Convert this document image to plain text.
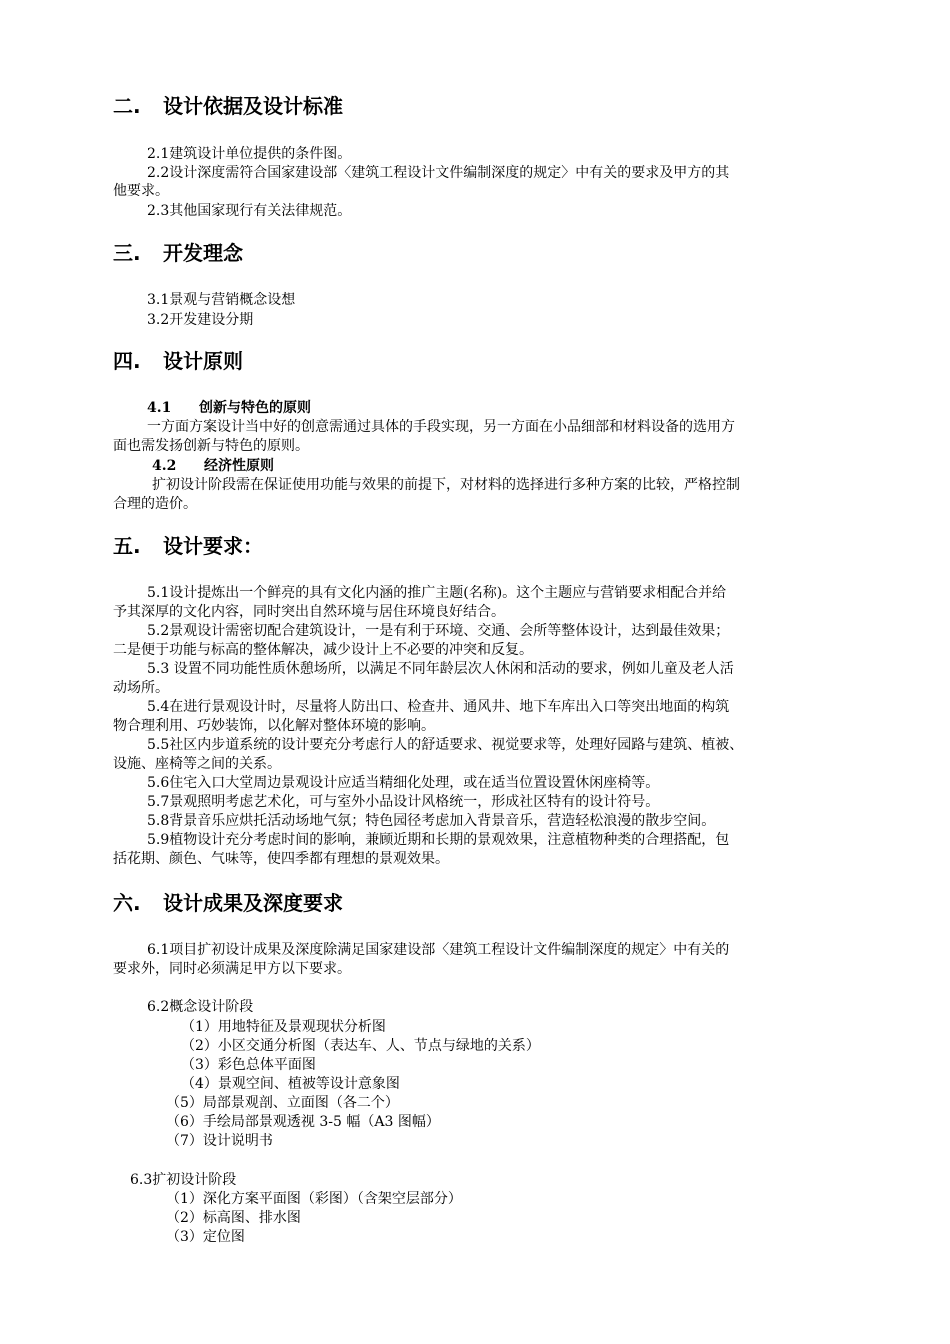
二. 设计依据及设计标准
2.1建筑设计单位提供的条件图。
2.2设计深度需符合国家建设部〈建筑工程设计文件编制深度的规定〉中有关的要求及甲方的其
他要求。
2.3其他国家现行有关法律规范。
三. 开发理念
3.1景观与营销概念设想
3.2开发建设分期
四. 设计原则
4.1 创新与特色的原则
一方面方案设计当中好的创意需通过具体的手段实现，另一方面在小品细部和材料设备的选用方
面也需发扬创新与特色的原则。
4.2 经济性原则
扩初设计阶段需在保证使用功能与效果的前提下，对材料的选择进行多种方案的比较，严格控制
合理的造价。
五. 设计要求：
5.1设计提炼出一个鲜亮的具有文化内涵的推广主题(名称)。这个主题应与营销要求相配合并给
予其深厚的文化内容，同时突出自然环境与居住环境良好结合。
5.2景观设计需密切配合建筑设计，一是有利于环境、交通、会所等整体设计，达到最佳效果；
二是便于功能与标高的整体解决，减少设计上不必要的冲突和反复。
5.3 设置不同功能性质休憩场所，以满足不同年龄层次人休闲和活动的要求，例如儿童及老人活
动场所。
5.4在进行景观设计时，尽量将人防出口、检查井、通风井、地下车库出入口等突出地面的构筑
物合理利用、巧妙装饰，以化解对整体环境的影响。
5.5社区内步道系统的设计要充分考虑行人的舒适要求、视觉要求等，处理好园路与建筑、植被、
设施、座椅等之间的关系。
5.6住宅入口大堂周边景观设计应适当精细化处理，或在适当位置设置休闲座椅等。
5.7景观照明考虑艺术化，可与室外小品设计风格统一，形成社区特有的设计符号。
5.8背景音乐应烘托活动场地气氛；特色园径考虑加入背景音乐，营造轻松浪漫的散步空间。
5.9植物设计充分考虑时间的影响，兼顾近期和长期的景观效果，注意植物种类的合理搭配，包
括花期、颜色、气味等，使四季都有理想的景观效果。
六. 设计成果及深度要求
6.1项目扩初设计成果及深度除满足国家建设部〈建筑工程设计文件编制深度的规定〉中有关的
要求外，同时必须满足甲方以下要求。
6.2概念设计阶段
（1）用地特征及景观现状分析图
（2）小区交通分析图（表达车、人、节点与绿地的关系）
（3）彩色总体平面图
（4）景观空间、植被等设计意象图
（5）局部景观剖、立面图（各二个）
（6）手绘局部景观透视 3-5 幅（A3 图幅）
（7）设计说明书
6.3扩初设计阶段
（1）深化方案平面图（彩图）（含架空层部分）
（2）标高图、排水图
（3）定位图
